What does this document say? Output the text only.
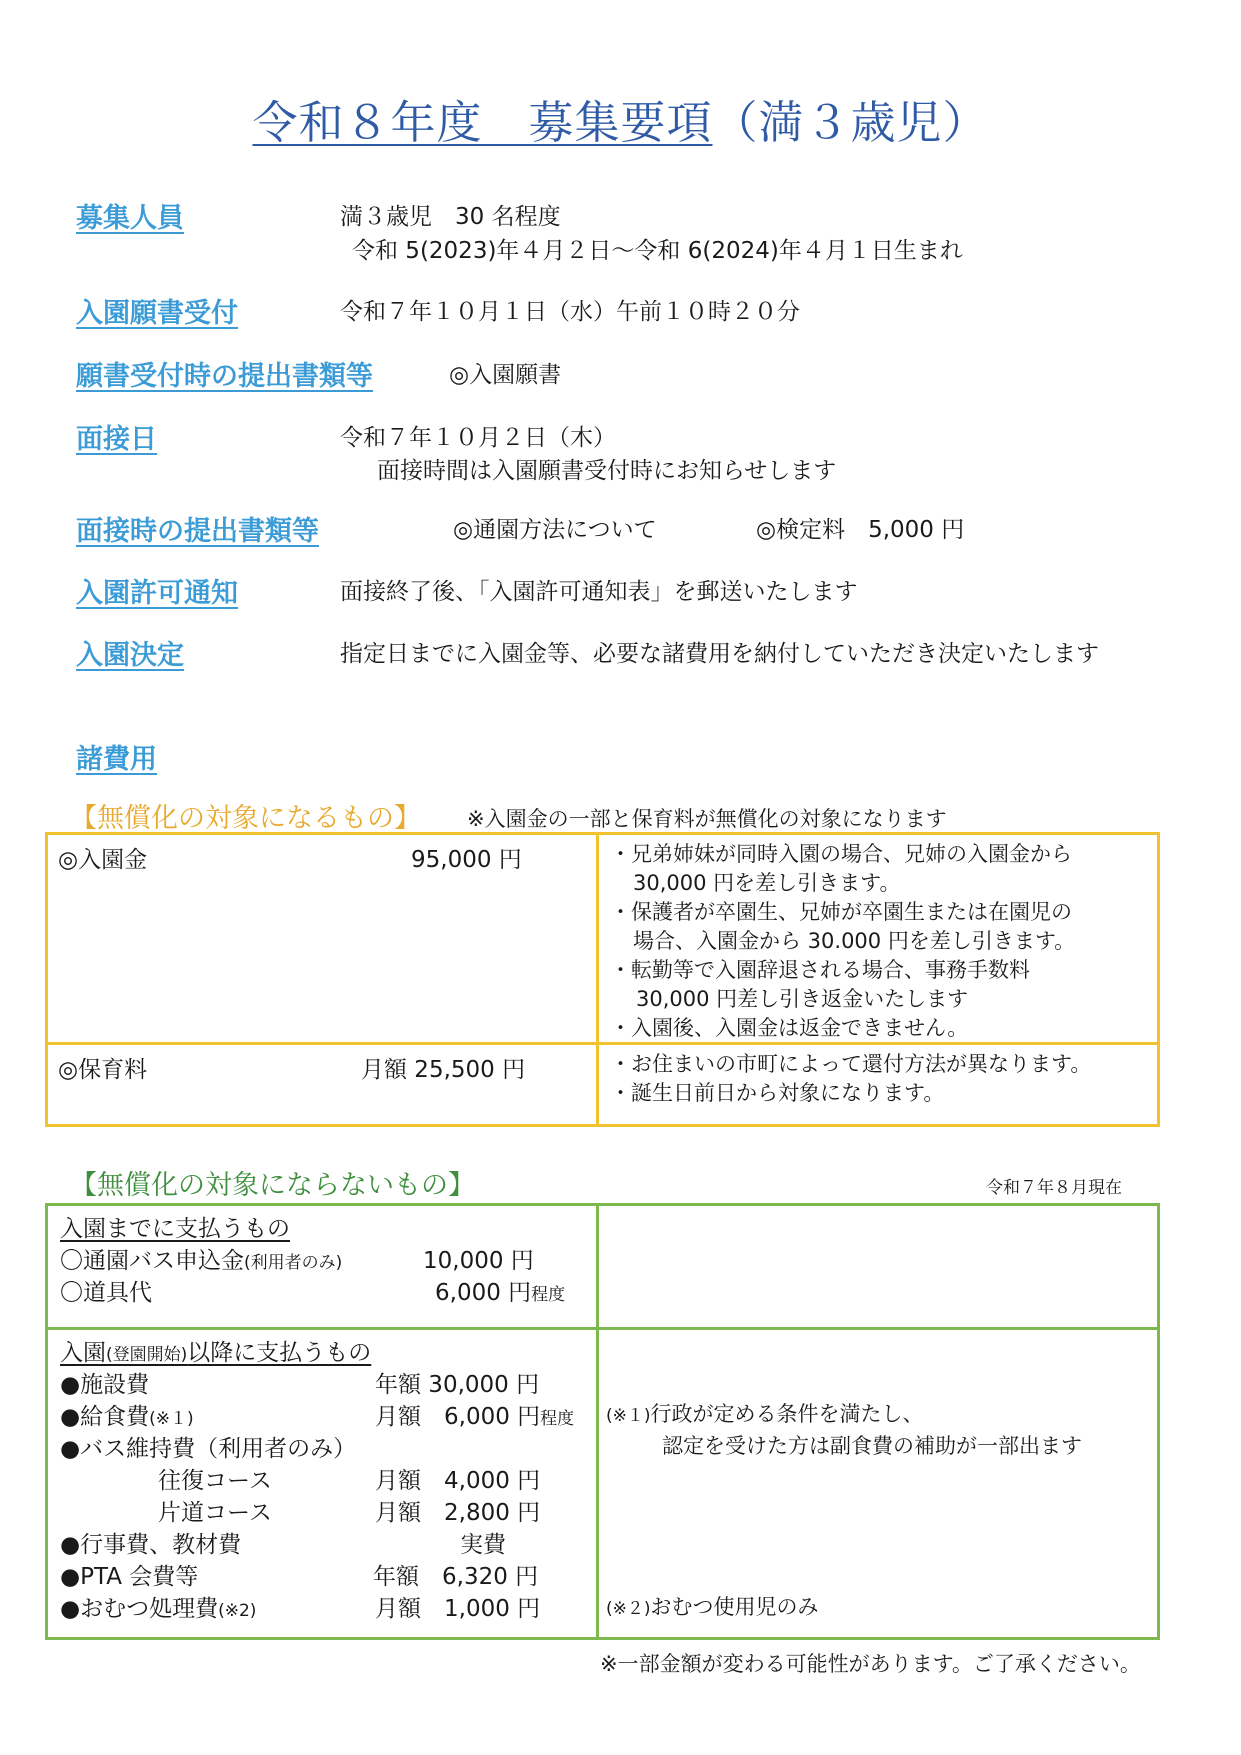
令和８年度　募集要項（満３歳児）
募集人員	満３歳児　30 名程度
令和 5(2023)年４月２日～令和 6(2024)年４月１日生まれ
入園願書受付	令和７年１０月１日（水）午前１０時２０分
願書受付時の提出書類等	◎入園願書
面接日	令和７年１０月２日（木）
面接時間は入園願書受付時にお知らせします
面接時の提出書類等	◎通園方法について	◎検定料　5,000 円
入園許可通知	面接終了後、「入園許可通知表」を郵送いたします
入園決定	指定日までに入園金等、必要な諸費用を納付していただき決定いたします
諸費用
【無償化の対象になるもの】 ※入園金の一部と保育料が無償化の対象になります
◎入園金	95,000 円	・兄弟姉妹が同時入園の場合、兄姉の入園金から
30,000 円を差し引きます。
・保護者が卒園生、兄姉が卒園生または在園児の
場合、入園金から 30.000 円を差し引きます。
・転勤等で入園辞退される場合、事務手数料
30,000 円差し引き返金いたします
・入園後、入園金は返金できません。
◎保育料	月額 25,500 円	・お住まいの市町によって還付方法が異なります。
・誕生日前日から対象になります。
【無償化の対象にならないもの】	令和７年８月現在
入園までに支払うもの
〇通園バス申込金(利用者のみ)	10,000 円
〇道具代	6,000 円程度
入園(登園開始)以降に支払うもの
●施設費	年額 30,000 円
●給食費(※１)	月額　6,000 円程度
●バス維持費（利用者のみ）
往復コース	月額　4,000 円
片道コース	月額　2,800 円
●行事費、教材費	実費
●PTA 会費等	年額　6,320 円
●おむつ処理費(※2)	月額　1,000 円
(※１)行政が定める条件を満たし、
認定を受けた方は副食費の補助が一部出ます
(※２)おむつ使用児のみ
※一部金額が変わる可能性があります。ご了承ください。
